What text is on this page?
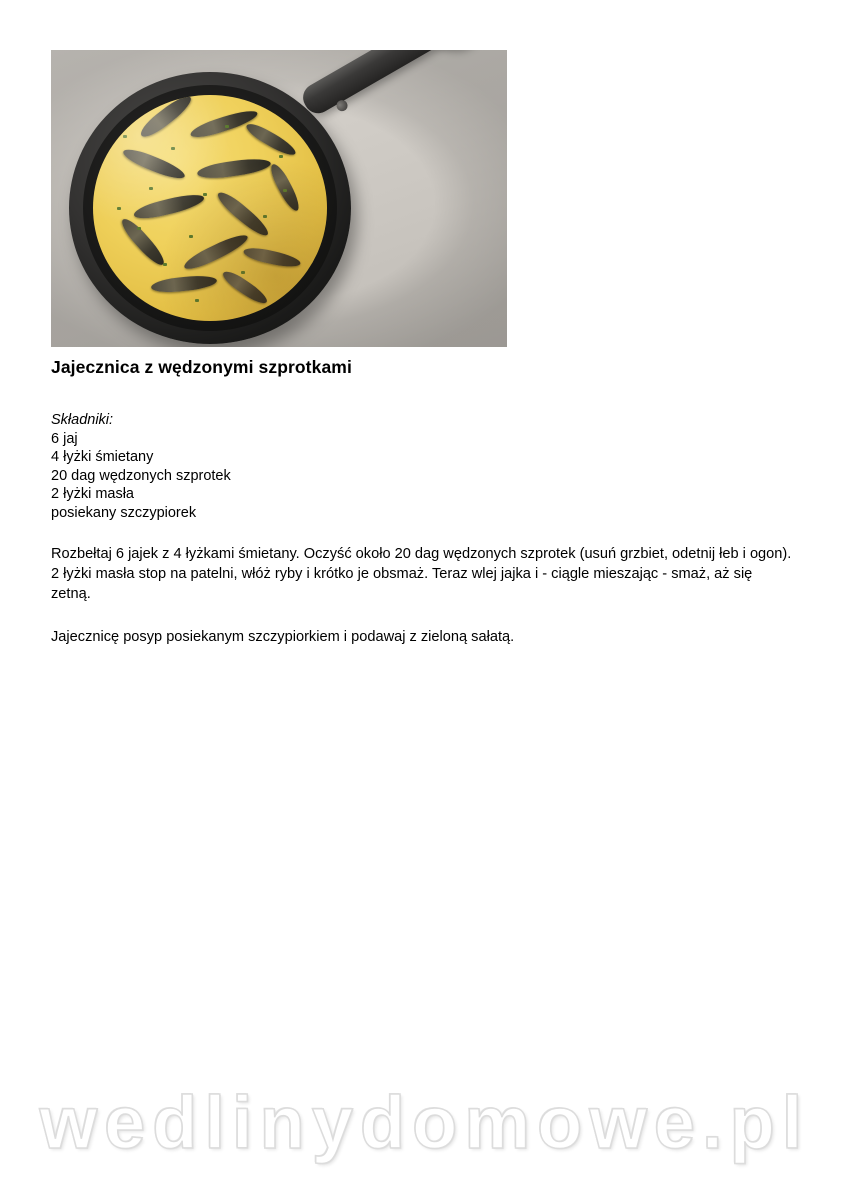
Jajecznica z wędzonymi szprotkami
Składniki:
6 jaj
4 łyżki śmietany
20 dag wędzonych szprotek
2 łyżki masła
posiekany szczypiorek

Rozbełtaj 6 jajek z 4 łyżkami śmietany. Oczyść około 20 dag wędzonych szprotek (usuń grzbiet, odetnij łeb i ogon). 2 łyżki masła stop na patelni, włóż ryby i krótko je obsmaż. Teraz wlej jajka i - ciągle mieszając - smaż, aż się zetną.

Jajecznicę posyp posiekanym szczypiorkiem i podawaj z zieloną sałatą.

wedlinydomowe.pl
